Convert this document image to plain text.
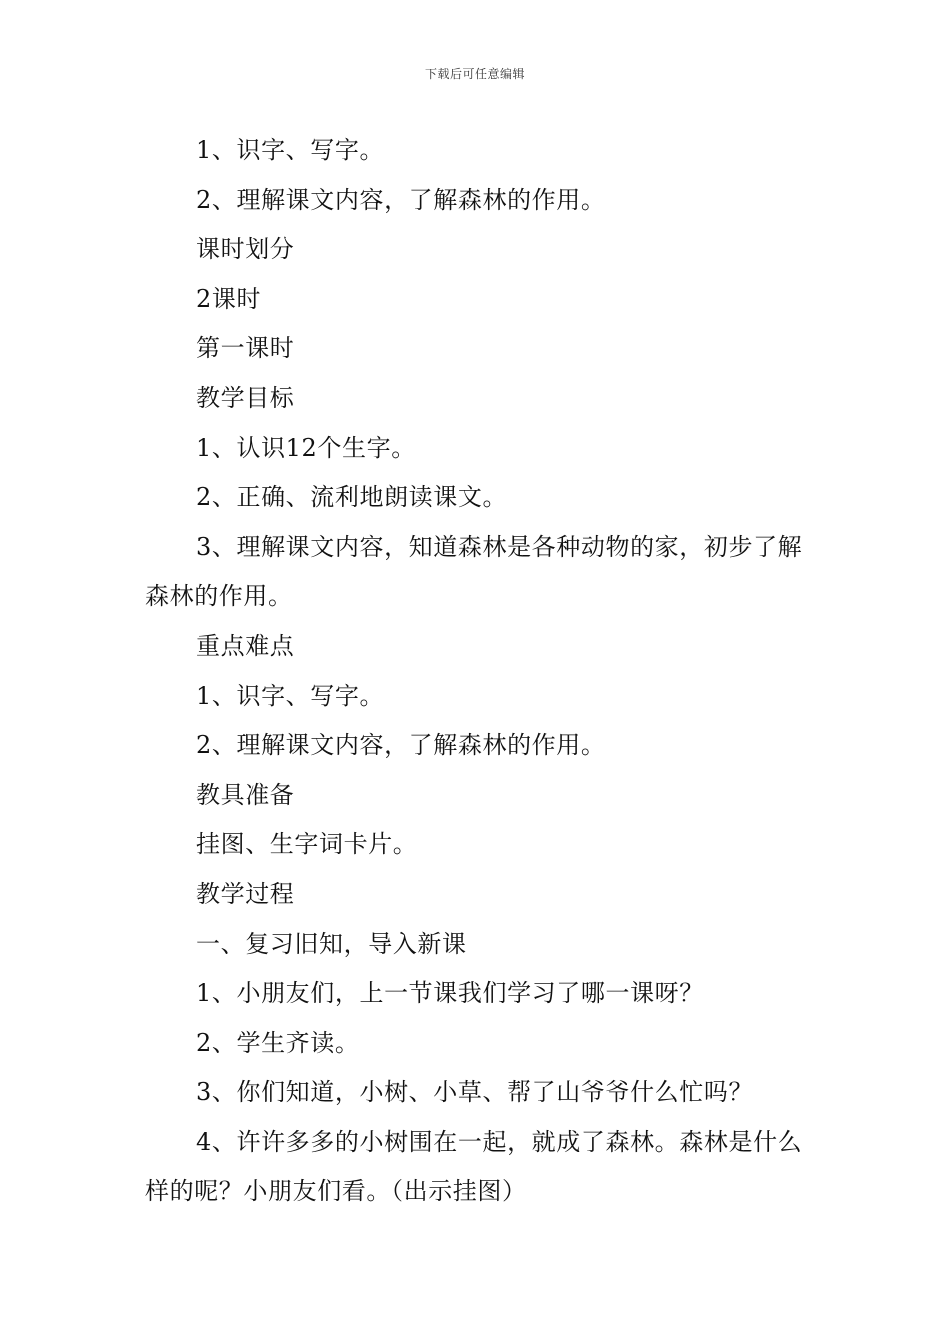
下载后可任意编辑

1、识字、写字。

2、理解课文内容，了解森林的作用。

课时划分

2课时

第一课时

教学目标

1、认识12个生字。

2、正确、流利地朗读课文。

3、理解课文内容，知道森林是各种动物的家，初步了解森林的作用。

重点难点

1、识字、写字。

2、理解课文内容，了解森林的作用。

教具准备

挂图、生字词卡片。

教学过程

一、复习旧知，导入新课

1、小朋友们，上一节课我们学习了哪一课呀？

2、学生齐读。

3、你们知道，小树、小草、帮了山爷爷什么忙吗？

4、许许多多的小树围在一起，就成了森林。森林是什么样的呢？小朋友们看。（出示挂图）
